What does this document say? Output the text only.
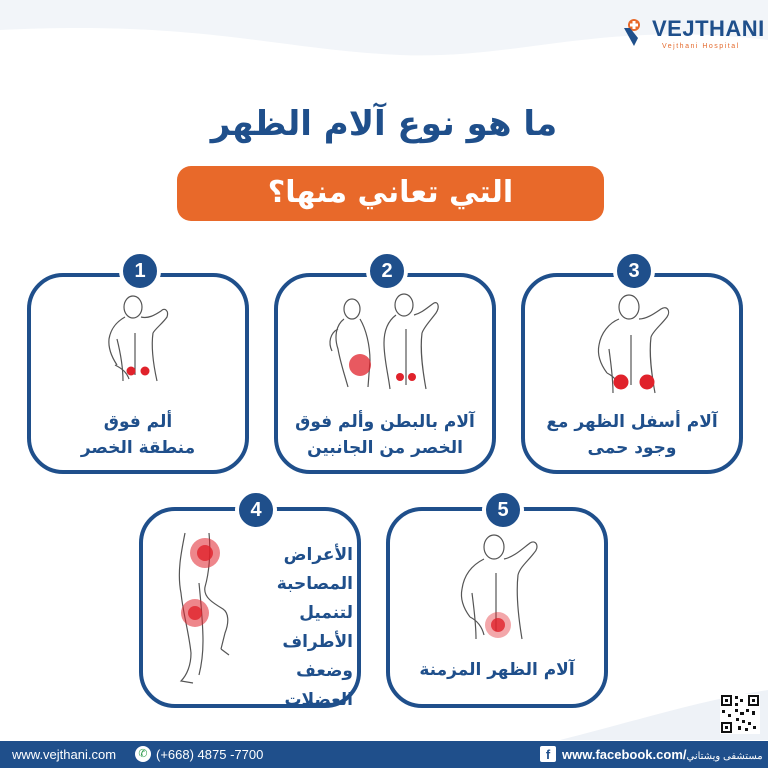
VEJTHANI
Vejthani Hospital
ما هو نوع آلام الظهر
التي تعاني منها؟
ألم فوق
منطقة الخصر
1
آلام بالبطن وألم فوق
الخصر من الجانبين
2
آلام أسفل الظهر مع
وجود حمى
3
الأعراض
المصاحبة
لتنميل الأطراف
وضعف
العضلات
4
آلام الظهر المزمنة
5
www.vejthani.com	✆ (+668) 4875 -7700	f www.facebook.com/مستشفى ويشتاني
